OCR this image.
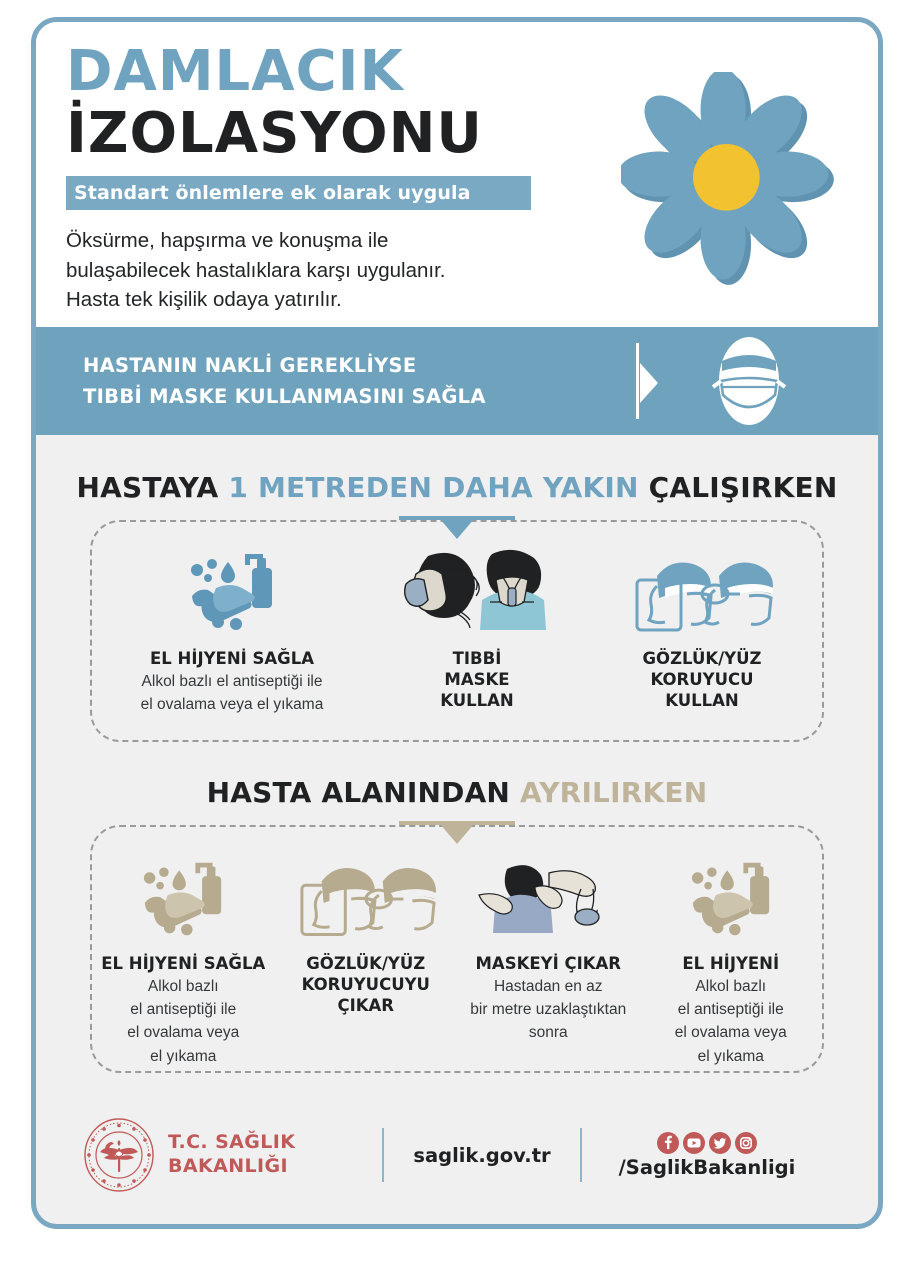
DAMLACIK
İZOLASYONU
Standart önlemlere ek olarak uygula
Öksürme, hapşırma ve konuşma ile
bulaşabilecek hastalıklara karşı uygulanır.
Hasta tek kişilik odaya yatırılır.
HASTANIN NAKLİ GEREKLİYSE
TIBBİ MASKE KULLANMASINI SAĞLA
HASTAYA 1 METREDEN DAHA YAKIN ÇALIŞIRKEN
EL HİJYENİ SAĞLA
Alkol bazlı el antiseptiği ile
el ovalama veya el yıkama
TIBBİ
MASKE
KULLAN
GÖZLÜK/YÜZ
KORUYUCU
KULLAN
HASTA ALANINDAN AYRILIRKEN
EL HİJYENİ SAĞLA
Alkol bazlı
el antiseptiği ile
el ovalama veya
el yıkama
GÖZLÜK/YÜZ
KORUYUCUYU
ÇIKAR
MASKEYİ ÇIKAR
Hastadan en az
bir metre uzaklaştıktan
sonra
EL HİJYENİ
Alkol bazlı
el antiseptiği ile
el ovalama veya
el yıkama
T.C. SAĞLIK
BAKANLIĞI	saglik.gov.tr
/SaglikBakanligi
